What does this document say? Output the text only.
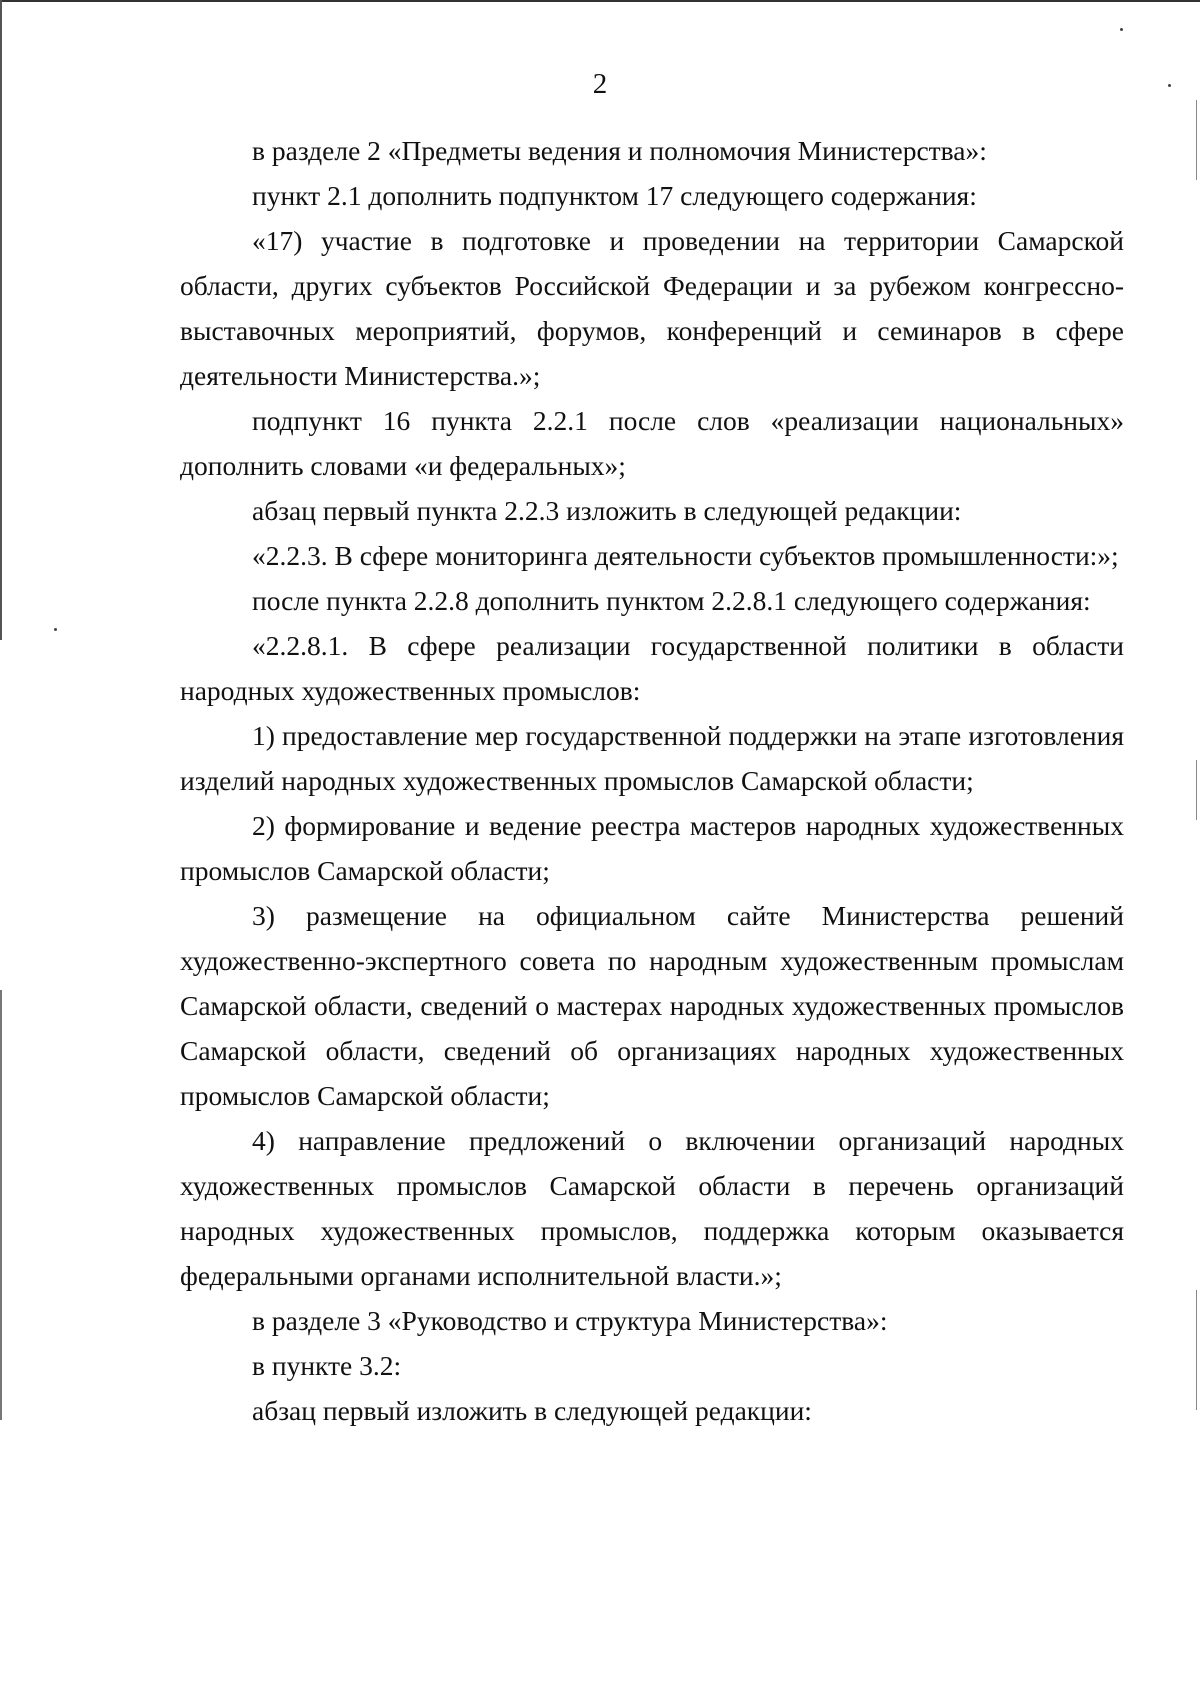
2

в разделе 2 «Предметы ведения и полномочия Министерства»:

пункт 2.1 дополнить подпунктом 17 следующего содержания:

«17) участие в подготовке и проведении на территории Самарской области, других субъектов Российской Федерации и за рубежом конгрессно-выставочных мероприятий, форумов, конференций и семинаров в сфере деятельности Министерства.»;

подпункт 16 пункта 2.2.1 после слов «реализации национальных» дополнить словами «и федеральных»;

абзац первый пункта 2.2.3 изложить в следующей редакции:

«2.2.3. В сфере мониторинга деятельности субъектов промышленности:»;

после пункта 2.2.8 дополнить пунктом 2.2.8.1 следующего содержания:

«2.2.8.1. В сфере реализации государственной политики в области народных художественных промыслов:

1) предоставление мер государственной поддержки на этапе изготовления изделий народных художественных промыслов Самарской области;

2) формирование и ведение реестра мастеров народных художественных промыслов Самарской области;

3) размещение на официальном сайте Министерства решений художественно-экспертного совета по народным художественным промыслам Самарской области, сведений о мастерах народных художественных промыслов Самарской области, сведений об организациях народных художественных промыслов Самарской области;

4) направление предложений о включении организаций народных художественных промыслов Самарской области в перечень организаций народных художественных промыслов, поддержка которым оказывается федеральными органами исполнительной власти.»;

в разделе 3 «Руководство и структура Министерства»:

в пункте 3.2:

абзац первый изложить в следующей редакции:
